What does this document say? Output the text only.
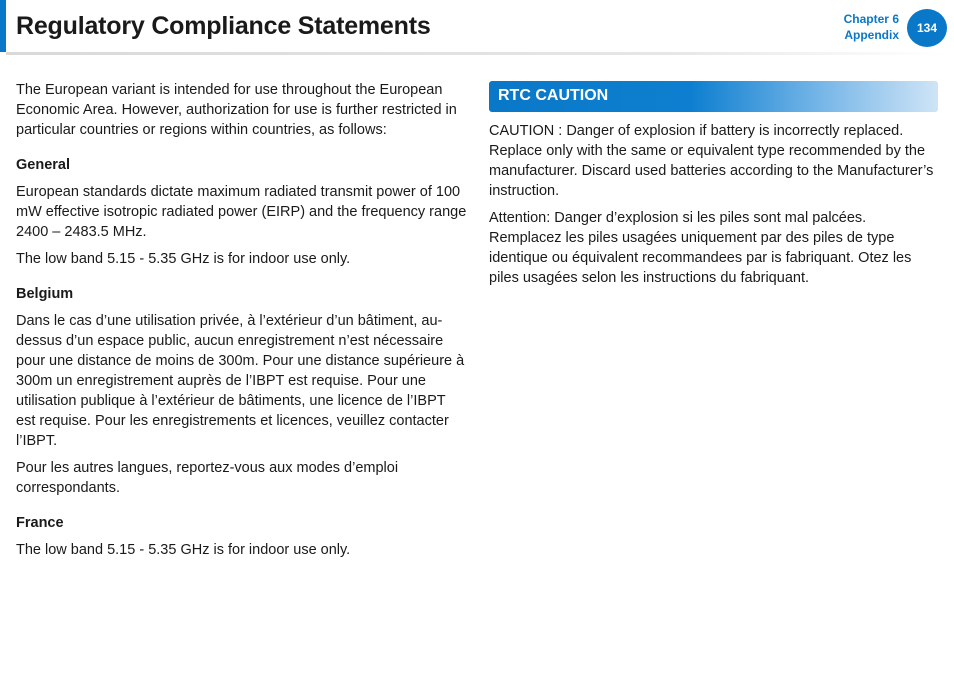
Regulatory Compliance Statements	Chapter 6
Appendix	134

The European variant is intended for use throughout the European Economic Area. However, authorization for use is further restricted in particular countries or regions within countries, as follows:

General

European standards dictate maximum radiated transmit power of 100 mW effective isotropic radiated power (EIRP) and the frequency range 2400 – 2483.5 MHz.

The low band 5.15 - 5.35 GHz is for indoor use only.

Belgium

Dans le cas d’une utilisation privée, à l’extérieur d’un bâtiment, au-dessus d’un espace public, aucun enregistrement n’est nécessaire pour une distance de moins de 300m. Pour une distance supérieure à 300m un enregistrement auprès de l’IBPT est requise. Pour une utilisation publique à l’extérieur de bâtiments, une licence de l’IBPT est requise. Pour les enregistrements et licences, veuillez contacter l’IBPT.

Pour les autres langues, reportez-vous aux modes d’emploi correspondants.

France

The low band 5.15 - 5.35 GHz is for indoor use only.

RTC CAUTION

CAUTION : Danger of explosion if battery is incorrectly replaced. Replace only with the same or equivalent type recommended by the manufacturer. Discard used batteries according to the Manufacturer’s instruction.

Attention: Danger d’explosion si les piles sont mal palcées. Remplacez les piles usagées uniquement par des piles de type identique ou équivalent recommandees par is fabriquant. Otez les piles usagées selon les instructions du fabriquant.
